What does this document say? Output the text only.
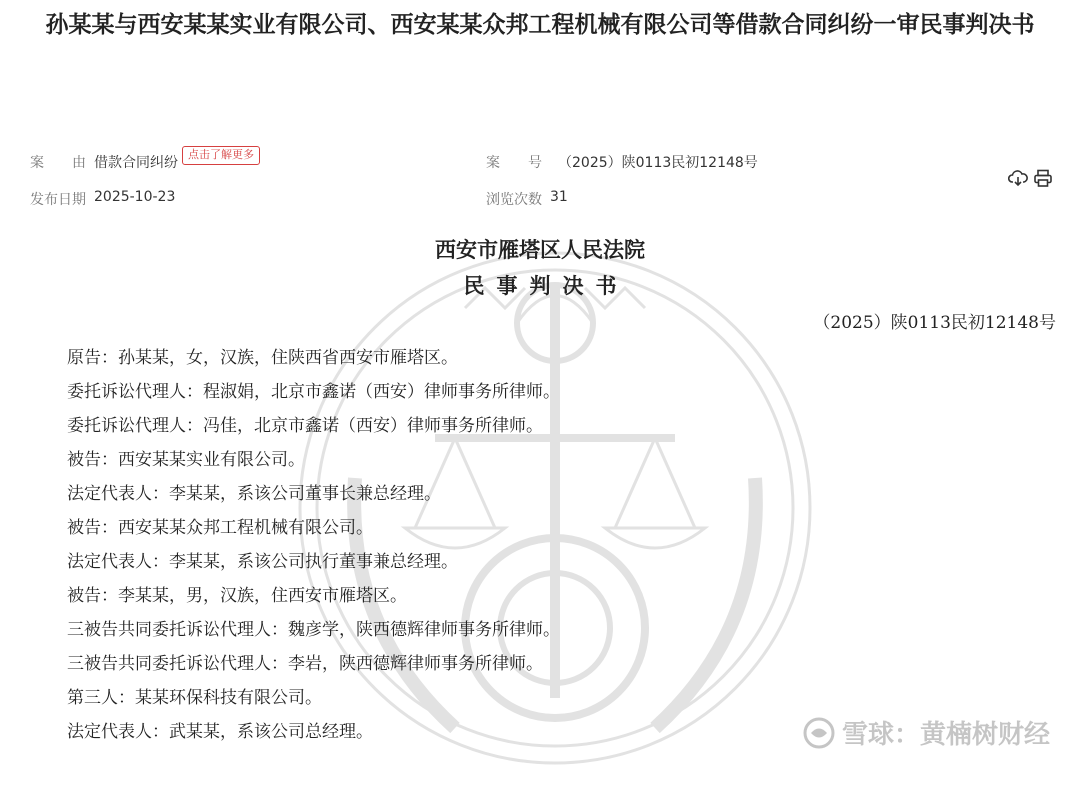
孙某某与西安某某实业有限公司、西安某某众邦工程机械有限公司等借款合同纠纷一审民事判决书
案　　由 借款合同纠纷
点击了解更多
案　　号 （2025）陕0113民初12148号
发布日期 2025-10-23	浏览次数 31
西安市雁塔区人民法院
民事判决书
（2025）陕0113民初12148号
原告：孙某某，女，汉族，住陕西省西安市雁塔区。
委托诉讼代理人：程淑娟，北京市鑫诺（西安）律师事务所律师。
委托诉讼代理人：冯佳，北京市鑫诺（西安）律师事务所律师。
被告：西安某某实业有限公司。
法定代表人：李某某，系该公司董事长兼总经理。
被告：西安某某众邦工程机械有限公司。
法定代表人：李某某，系该公司执行董事兼总经理。
被告：李某某，男，汉族，住西安市雁塔区。
三被告共同委托诉讼代理人：魏彦学，陕西德辉律师事务所律师。
三被告共同委托诉讼代理人：李岩，陕西德辉律师事务所律师。
第三人：某某环保科技有限公司。
法定代表人：武某某，系该公司总经理。	雪球：黄楠树财经
